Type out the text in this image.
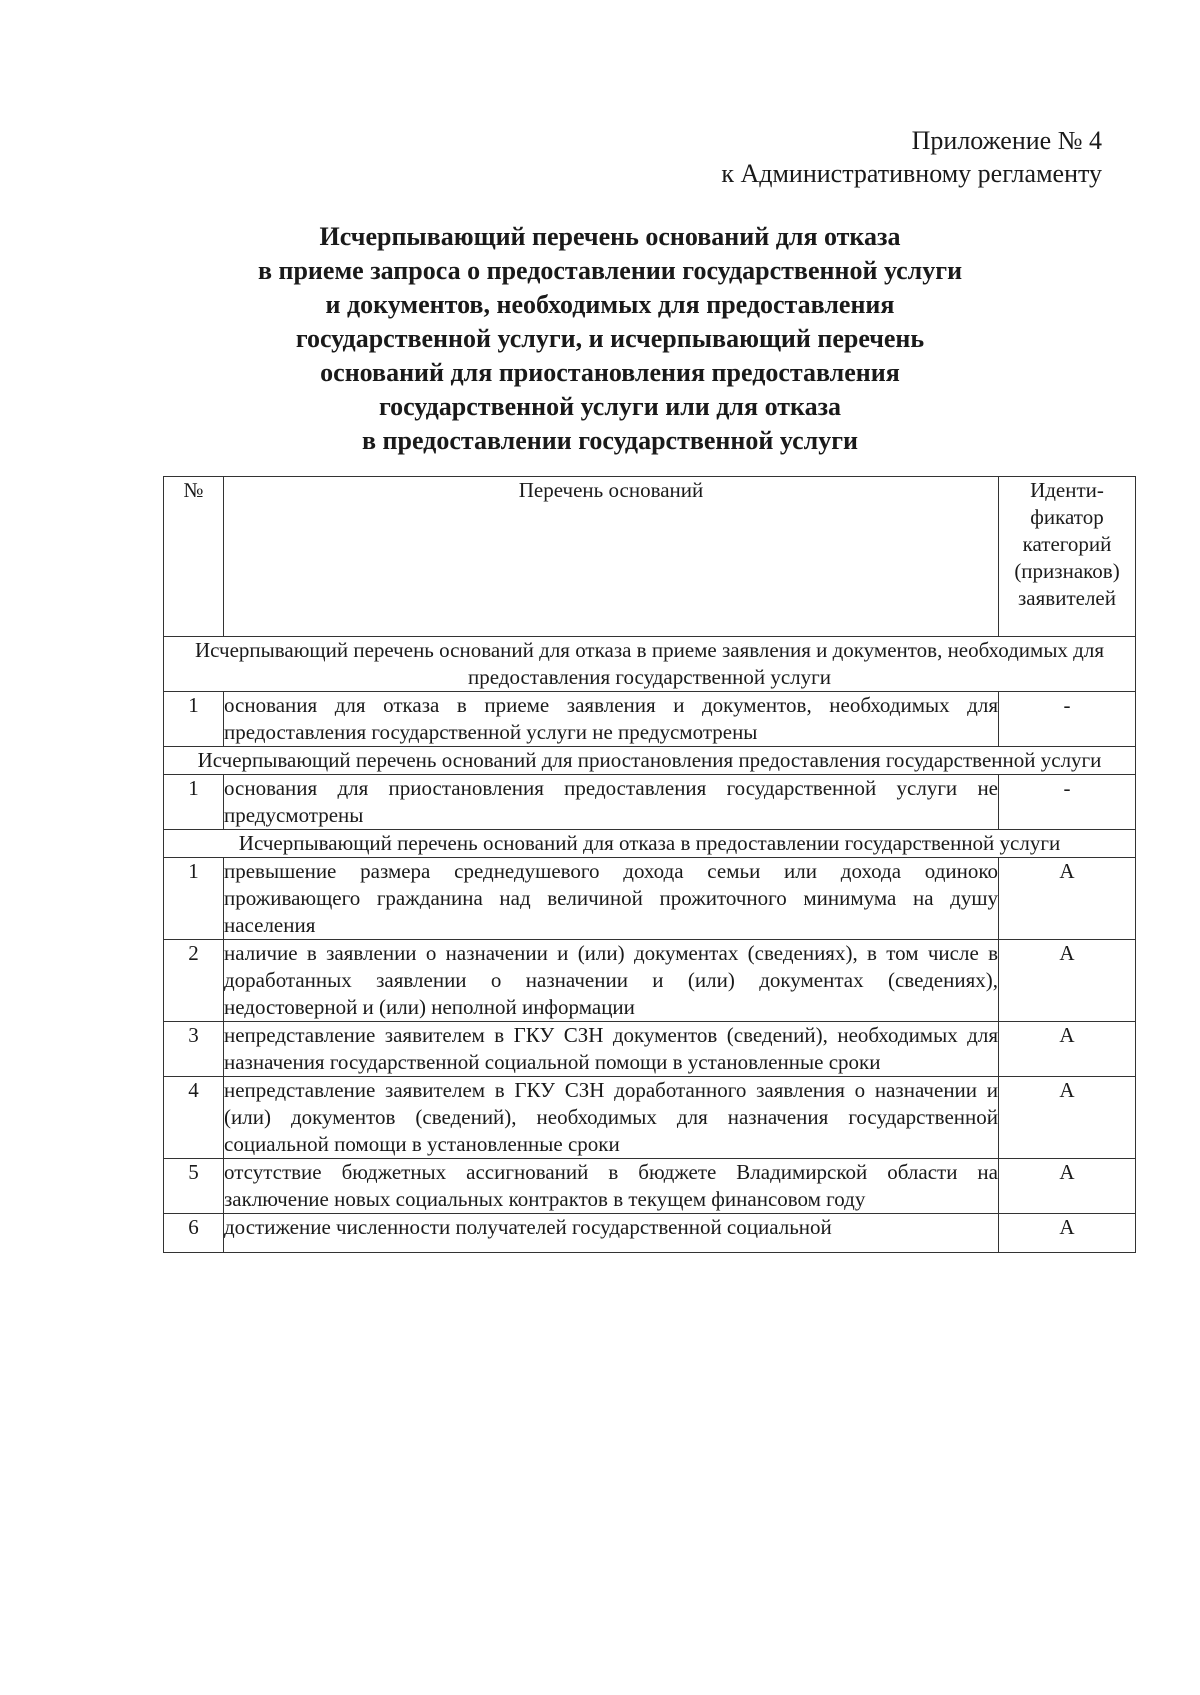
Приложение № 4
к Административному регламенту
Исчерпывающий перечень оснований для отказа
в приеме запроса о предоставлении государственной услуги
и документов, необходимых для предоставления
государственной услуги, и исчерпывающий перечень
оснований для приостановления предоставления
государственной услуги или для отказа
в предоставлении государственной услуги
№	Перечень оснований	Иденти-фикатор категорий (признаков) заявителей
Исчерпывающий перечень оснований для отказа в приеме заявления и документов, необходимых для предоставления государственной услуги		
1	основания для отказа в приеме заявления и документов, необходимых для предоставления государственной услуги не предусмотрены	-
Исчерпывающий перечень оснований для приостановления предоставления государственной услуги		
1	основания для приостановления предоставления государственной услуги не предусмотрены	-
Исчерпывающий перечень оснований для отказа в предоставлении государственной услуги		
1	превышение размера среднедушевого дохода семьи или дохода одиноко проживающего гражданина над величиной прожиточного минимума на душу населения	А
2	наличие в заявлении о назначении и (или) документах (сведениях), в том числе в доработанных заявлении о назначении и (или) документах (сведениях), недостоверной и (или) неполной информации	А
3	непредставление заявителем в ГКУ СЗН документов (сведений), необходимых для назначения государственной социальной помощи в установленные сроки	А
4	непредставление заявителем в ГКУ СЗН доработанного заявления о назначении и (или) документов (сведений), необходимых для назначения государственной социальной помощи в установленные сроки	А
5	отсутствие бюджетных ассигнований в бюджете Владимирской области на заключение новых социальных контрактов в текущем финансовом году	А
6	достижение численности получателей государственной социальной	А
